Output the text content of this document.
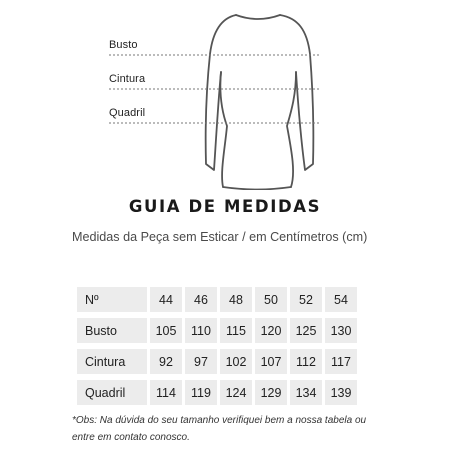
Busto
Cintura
Quadril
GUIA DE MEDIDAS
Medidas da Peça sem Esticar / em Centímetros (cm)
Nº	44	46	48	50	52	54
Busto	105	110	115	120	125	130
Cintura	92	97	102	107	112	117
Quadril	114	119	124	129	134	139
*Obs: Na dúvida do seu tamanho verifiquei bem a nossa tabela ou entre em contato conosco.
